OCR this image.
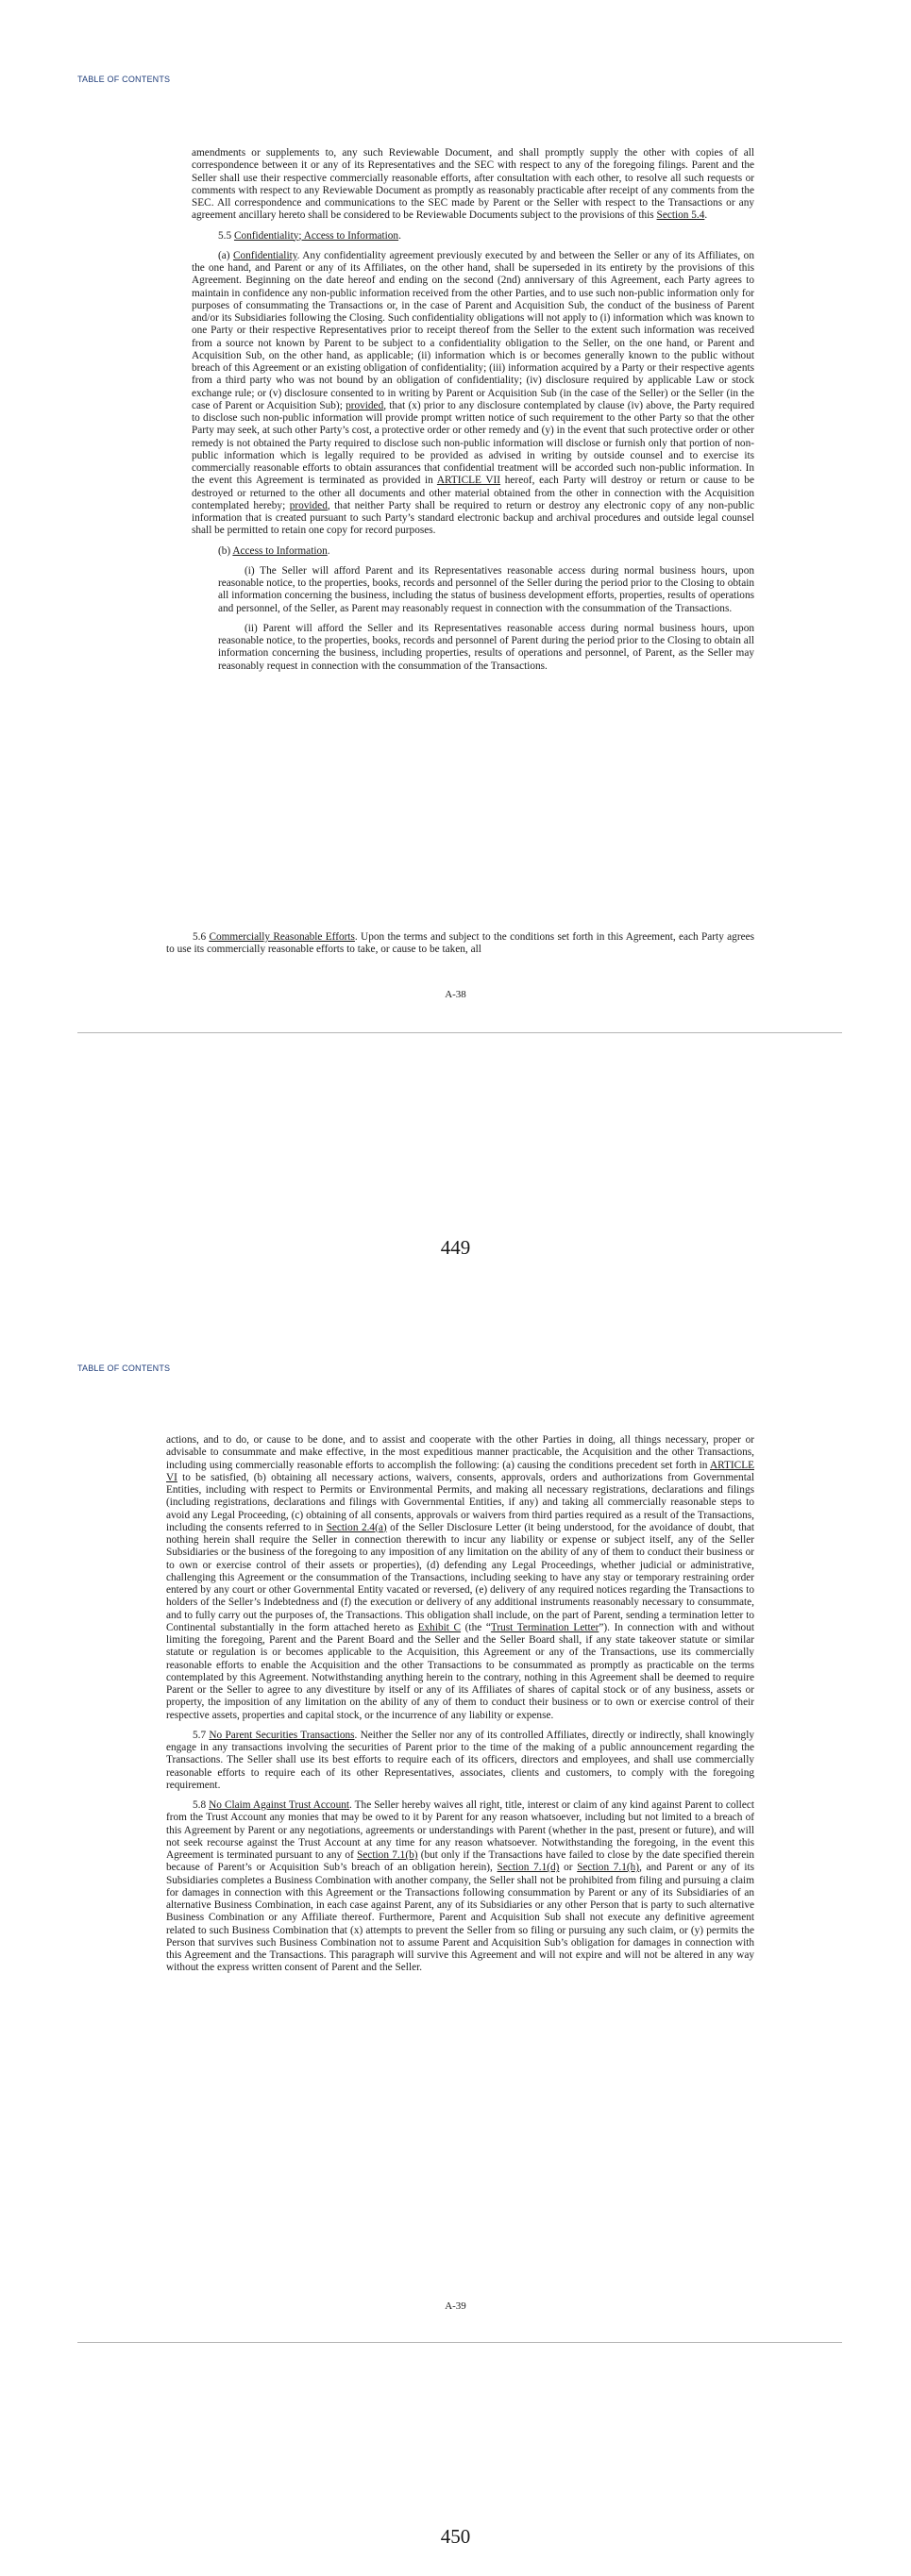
TABLE OF CONTENTS

amendments or supplements to, any such Reviewable Document, and shall promptly supply the other with copies of all correspondence between it or any of its Representatives and the SEC with respect to any of the foregoing filings. Parent and the Seller shall use their respective commercially reasonable efforts, after consultation with each other, to resolve all such requests or comments with respect to any Reviewable Document as promptly as reasonably practicable after receipt of any comments from the SEC. All correspondence and communications to the SEC made by Parent or the Seller with respect to the Transactions or any agreement ancillary hereto shall be considered to be Reviewable Documents subject to the provisions of this Section 5.4.

5.5 Confidentiality; Access to Information.

(a) Confidentiality. Any confidentiality agreement previously executed by and between the Seller or any of its Affiliates, on the one hand, and Parent or any of its Affiliates, on the other hand, shall be superseded in its entirety by the provisions of this Agreement. Beginning on the date hereof and ending on the second (2nd) anniversary of this Agreement, each Party agrees to maintain in confidence any non-public information received from the other Parties, and to use such non-public information only for purposes of consummating the Transactions or, in the case of Parent and Acquisition Sub, the conduct of the business of Parent and/or its Subsidiaries following the Closing. Such confidentiality obligations will not apply to (i) information which was known to one Party or their respective Representatives prior to receipt thereof from the Seller to the extent such information was received from a source not known by Parent to be subject to a confidentiality obligation to the Seller, on the one hand, or Parent and Acquisition Sub, on the other hand, as applicable; (ii) information which is or becomes generally known to the public without breach of this Agreement or an existing obligation of confidentiality; (iii) information acquired by a Party or their respective agents from a third party who was not bound by an obligation of confidentiality; (iv) disclosure required by applicable Law or stock exchange rule; or (v) disclosure consented to in writing by Parent or Acquisition Sub (in the case of the Seller) or the Seller (in the case of Parent or Acquisition Sub); provided, that (x) prior to any disclosure contemplated by clause (iv) above, the Party required to disclose such non-public information will provide prompt written notice of such requirement to the other Party so that the other Party may seek, at such other Party’s cost, a protective order or other remedy and (y) in the event that such protective order or other remedy is not obtained the Party required to disclose such non-public information will disclose or furnish only that portion of non-public information which is legally required to be provided as advised in writing by outside counsel and to exercise its commercially reasonable efforts to obtain assurances that confidential treatment will be accorded such non-public information. In the event this Agreement is terminated as provided in ARTICLE VII hereof, each Party will destroy or return or cause to be destroyed or returned to the other all documents and other material obtained from the other in connection with the Acquisition contemplated hereby; provided, that neither Party shall be required to return or destroy any electronic copy of any non-public information that is created pursuant to such Party’s standard electronic backup and archival procedures and outside legal counsel shall be permitted to retain one copy for record purposes.

(b) Access to Information.

(i) The Seller will afford Parent and its Representatives reasonable access during normal business hours, upon reasonable notice, to the properties, books, records and personnel of the Seller during the period prior to the Closing to obtain all information concerning the business, including the status of business development efforts, properties, results of operations and personnel, of the Seller, as Parent may reasonably request in connection with the consummation of the Transactions.

(ii) Parent will afford the Seller and its Representatives reasonable access during normal business hours, upon reasonable notice, to the properties, books, records and personnel of Parent during the period prior to the Closing to obtain all information concerning the business, including properties, results of operations and personnel, of Parent, as the Seller may reasonably request in connection with the consummation of the Transactions.

5.6 Commercially Reasonable Efforts. Upon the terms and subject to the conditions set forth in this Agreement, each Party agrees to use its commercially reasonable efforts to take, or cause to be taken, all

A-38
449
TABLE OF CONTENTS

actions, and to do, or cause to be done, and to assist and cooperate with the other Parties in doing, all things necessary, proper or advisable to consummate and make effective, in the most expeditious manner practicable, the Acquisition and the other Transactions, including using commercially reasonable efforts to accomplish the following: (a) causing the conditions precedent set forth in ARTICLE VI to be satisfied, (b) obtaining all necessary actions, waivers, consents, approvals, orders and authorizations from Governmental Entities, including with respect to Permits or Environmental Permits, and making all necessary registrations, declarations and filings (including registrations, declarations and filings with Governmental Entities, if any) and taking all commercially reasonable steps to avoid any Legal Proceeding, (c) obtaining of all consents, approvals or waivers from third parties required as a result of the Transactions, including the consents referred to in Section 2.4(a) of the Seller Disclosure Letter (it being understood, for the avoidance of doubt, that nothing herein shall require the Seller in connection therewith to incur any liability or expense or subject itself, any of the Seller Subsidiaries or the business of the foregoing to any imposition of any limitation on the ability of any of them to conduct their business or to own or exercise control of their assets or properties), (d) defending any Legal Proceedings, whether judicial or administrative, challenging this Agreement or the consummation of the Transactions, including seeking to have any stay or temporary restraining order entered by any court or other Governmental Entity vacated or reversed, (e) delivery of any required notices regarding the Transactions to holders of the Seller’s Indebtedness and (f) the execution or delivery of any additional instruments reasonably necessary to consummate, and to fully carry out the purposes of, the Transactions. This obligation shall include, on the part of Parent, sending a termination letter to Continental substantially in the form attached hereto as Exhibit C (the “Trust Termination Letter”). In connection with and without limiting the foregoing, Parent and the Parent Board and the Seller and the Seller Board shall, if any state takeover statute or similar statute or regulation is or becomes applicable to the Acquisition, this Agreement or any of the Transactions, use its commercially reasonable efforts to enable the Acquisition and the other Transactions to be consummated as promptly as practicable on the terms contemplated by this Agreement. Notwithstanding anything herein to the contrary, nothing in this Agreement shall be deemed to require Parent or the Seller to agree to any divestiture by itself or any of its Affiliates of shares of capital stock or of any business, assets or property, the imposition of any limitation on the ability of any of them to conduct their business or to own or exercise control of their respective assets, properties and capital stock, or the incurrence of any liability or expense.

5.7 No Parent Securities Transactions. Neither the Seller nor any of its controlled Affiliates, directly or indirectly, shall knowingly engage in any transactions involving the securities of Parent prior to the time of the making of a public announcement regarding the Transactions. The Seller shall use its best efforts to require each of its officers, directors and employees, and shall use commercially reasonable efforts to require each of its other Representatives, associates, clients and customers, to comply with the foregoing requirement.

5.8 No Claim Against Trust Account. The Seller hereby waives all right, title, interest or claim of any kind against Parent to collect from the Trust Account any monies that may be owed to it by Parent for any reason whatsoever, including but not limited to a breach of this Agreement by Parent or any negotiations, agreements or understandings with Parent (whether in the past, present or future), and will not seek recourse against the Trust Account at any time for any reason whatsoever. Notwithstanding the foregoing, in the event this Agreement is terminated pursuant to any of Section 7.1(b) (but only if the Transactions have failed to close by the date specified therein because of Parent’s or Acquisition Sub’s breach of an obligation herein), Section 7.1(d) or Section 7.1(h), and Parent or any of its Subsidiaries completes a Business Combination with another company, the Seller shall not be prohibited from filing and pursuing a claim for damages in connection with this Agreement or the Transactions following consummation by Parent or any of its Subsidiaries of an alternative Business Combination, in each case against Parent, any of its Subsidiaries or any other Person that is party to such alternative Business Combination or any Affiliate thereof. Furthermore, Parent and Acquisition Sub shall not execute any definitive agreement related to such Business Combination that (x) attempts to prevent the Seller from so filing or pursuing any such claim, or (y) permits the Person that survives such Business Combination not to assume Parent and Acquisition Sub’s obligation for damages in connection with this Agreement and the Transactions. This paragraph will survive this Agreement and will not expire and will not be altered in any way without the express written consent of Parent and the Seller.

A-39
450
